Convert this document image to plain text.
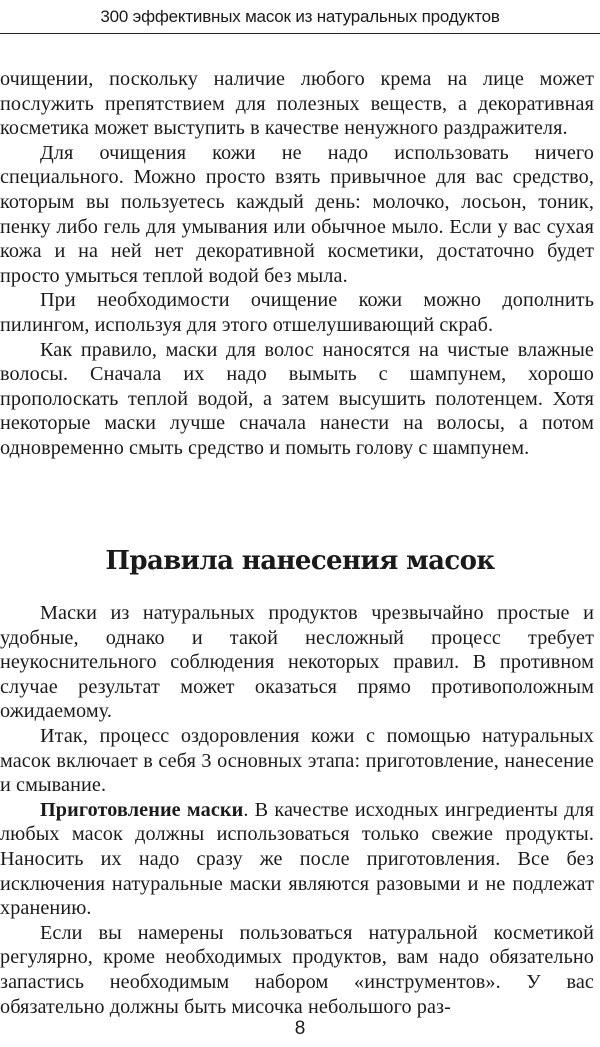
300 эффективных масок из натуральных продуктов

очищении, поскольку наличие любого крема на лице может послужить препятствием для полезных веществ, а декоративная косметика может выступить в качестве ненужного раздражителя.

Для очищения кожи не надо использовать ничего специального. Можно просто взять привычное для вас средство, которым вы пользуетесь каждый день: молочко, лосьон, тоник, пенку либо гель для умывания или обычное мыло. Если у вас сухая кожа и на ней нет декоративной косметики, достаточно будет просто умыться теплой водой без мыла.

При необходимости очищение кожи можно дополнить пилингом, используя для этого отшелушивающий скраб.

Как правило, маски для волос наносятся на чистые влажные волосы. Сначала их надо вымыть с шампунем, хорошо прополоскать теплой водой, а затем высушить полотенцем. Хотя некоторые маски лучше сначала нанести на волосы, а потом одновременно смыть средство и помыть голову с шампунем.

Правила нанесения масок

Маски из натуральных продуктов чрезвычайно простые и удобные, однако и такой несложный процесс требует неукоснительного соблюдения некоторых правил. В противном случае результат может оказаться прямо противоположным ожидаемому.

Итак, процесс оздоровления кожи с помощью натуральных масок включает в себя 3 основных этапа: приготовление, нанесение и смывание.

Приготовление маски. В качестве исходных ингредиенты для любых масок должны использоваться только свежие продукты. Наносить их надо сразу же после приготовления. Все без исключения натуральные маски являются разовыми и не подлежат хранению.

Если вы намерены пользоваться натуральной косметикой регулярно, кроме необходимых продуктов, вам надо обязательно запастись необходимым набором «инструментов». У вас обязательно должны быть мисочка небольшого раз-

8
